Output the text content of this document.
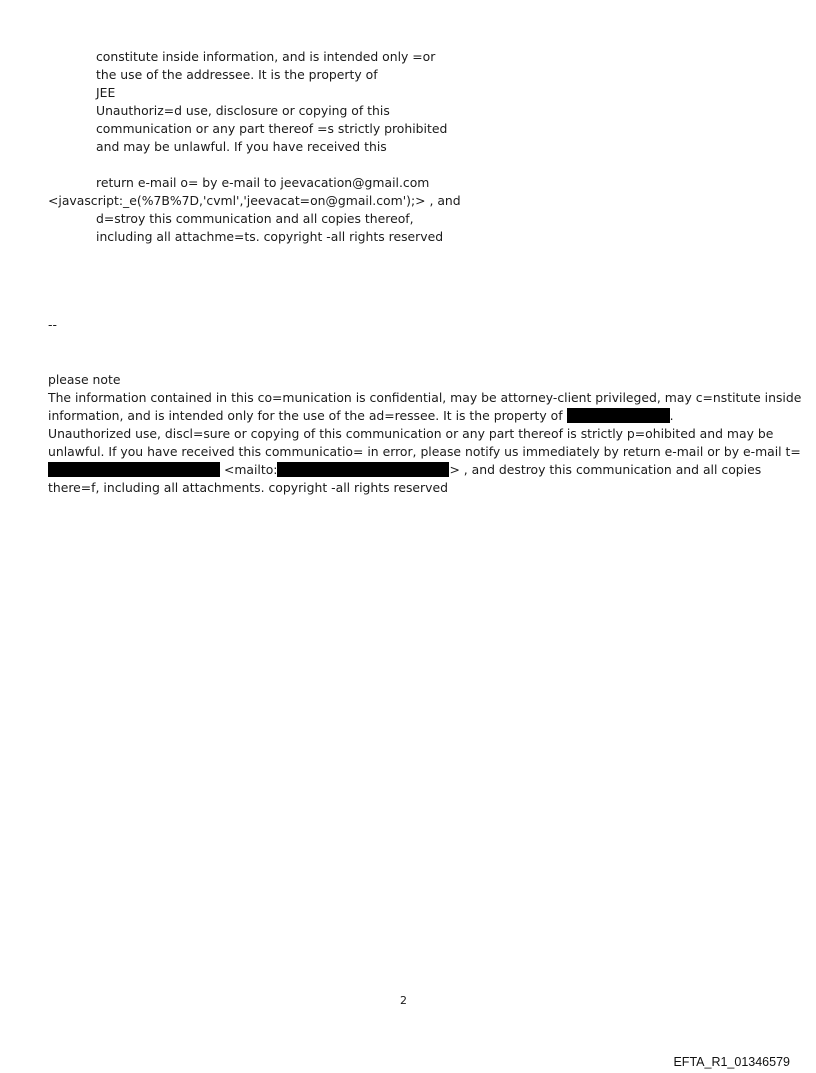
constitute inside information, and is intended only =or
the use of the addressee. It is the property of
JEE
Unauthoriz=d use, disclosure or copying of this
communication or any part thereof =s strictly prohibited
and may be unlawful. If you have received this
return e-mail o= by e-mail to jeevacation@gmail.com
<javascript:_e(%7B%7D,'cvml','jeevacat=on@gmail.com');> , and
d=stroy this communication and all copies thereof,
including all attachme=ts. copyright -all rights reserved
--
please note
The information contained in this co=munication is confidential, may be attorney-client privileged, may c=nstitute inside
information, and is intended only for the use of the ad=ressee. It is the property of	.
Unauthorized use, discl=sure or copying of this communication or any part thereof is strictly p=ohibited and may be
unlawful. If you have received this communicatio= in error, please notify us immediately by return e-mail or by e-mail t=
<mailto:	> , and destroy this communication and all copies
there=f, including all attachments. copyright -all rights reserved
2
EFTA_R1_01346579
